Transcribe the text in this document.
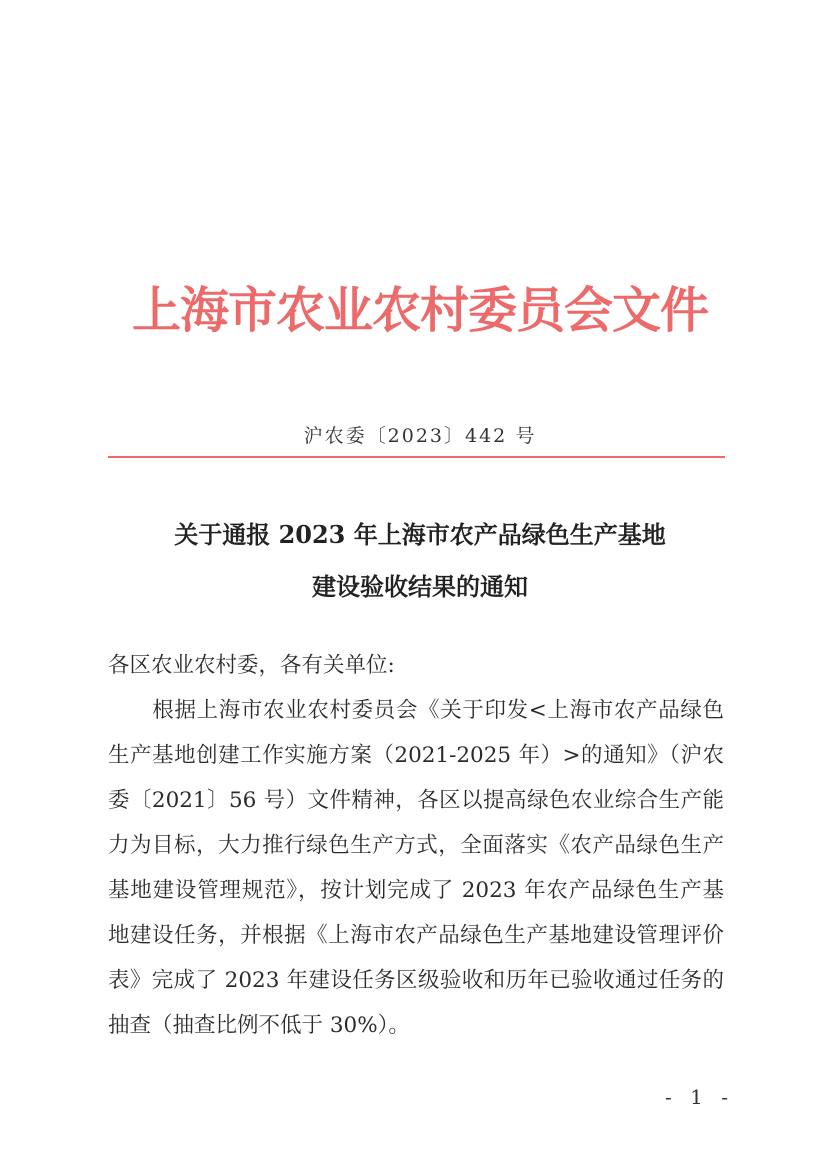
上海市农业农村委员会文件
沪农委〔2023〕442 号
关于通报 2023 年上海市农产品绿色生产基地
建设验收结果的通知
各区农业农村委，各有关单位:
　　根据上海市农业农村委员会《关于印发<上海市农产品绿色
生产基地创建工作实施方案（2021-2025 年）>的通知》（沪农
委〔2021〕56 号）文件精神，各区以提高绿色农业综合生产能
力为目标，大力推行绿色生产方式，全面落实《农产品绿色生产
基地建设管理规范》，按计划完成了 2023 年农产品绿色生产基
地建设任务，并根据《上海市农产品绿色生产基地建设管理评价
表》完成了 2023 年建设任务区级验收和历年已验收通过任务的
抽查（抽查比例不低于 30%）。
- 1 -
